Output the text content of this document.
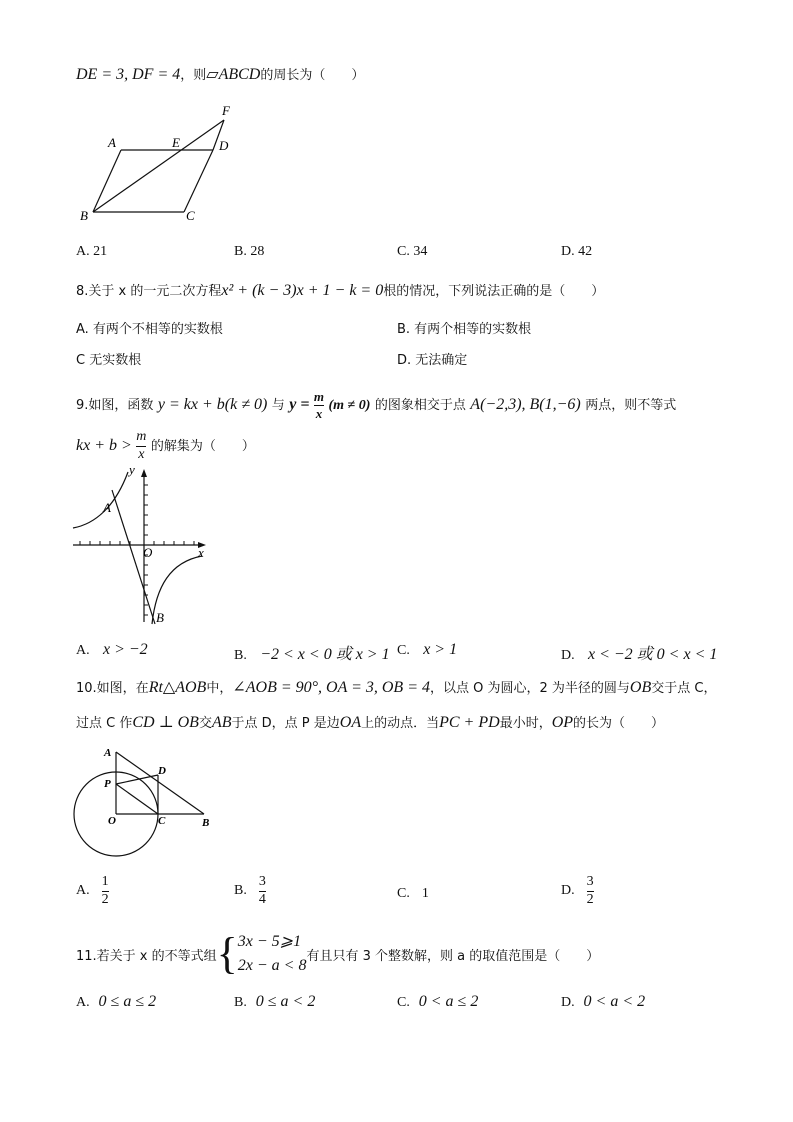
DE = 3, DF = 4，则▱ABCD的周长为（　　）
F
A	E	D
B	C
A. 21	B. 28	C. 34	D. 42
8.关于 x 的一元二次方程x² + (k − 3)x + 1 − k = 0根的情况，下列说法正确的是（　　）
A. 有两个不相等的实数根	B. 有两个相等的实数根
C 无实数根	D. 无法确定
9.如图，函数 y = kx + b(k ≠ 0) 与 $y = \frac{m}{x} (m \ne 0)$ 的图象相交于点 A(−2,3), B(1,−6) 两点，则不等式
kx + $b > \frac{m}{x}$ 的解集为（　　）
y
A
O	x
B
A. x > −2	B. −2 < x < 0 或 x > 1 C. x > 1	D. x < −2 或 0 < x < 1
10.如图，在Rt△AOB中，∠AOB = 90°, OA = 3, OB = 4，以点 O 为圆心，2 为半径的圆与OB交于点 C，
过点 C 作CD ⊥ OB交AB于点 D，点 P 是边OA上的动点．当PC + PD最小时，OP的长为（　　）
A
D
P
O	C	B
A. $\frac{1}{2}$	B. $\frac{3}{4}$	C. 1	D. $\frac{3}{2}$
11.若关于 x 的不等式组 { 3x − 5⩾1
2x − a < 8
有且只有 3 个整数解，则 a 的取值范围是（　　）
A. 0 ≤ a ≤ 2	B. 0 ≤ a < 2	C. 0 < a ≤ 2	D. 0 < a < 2
